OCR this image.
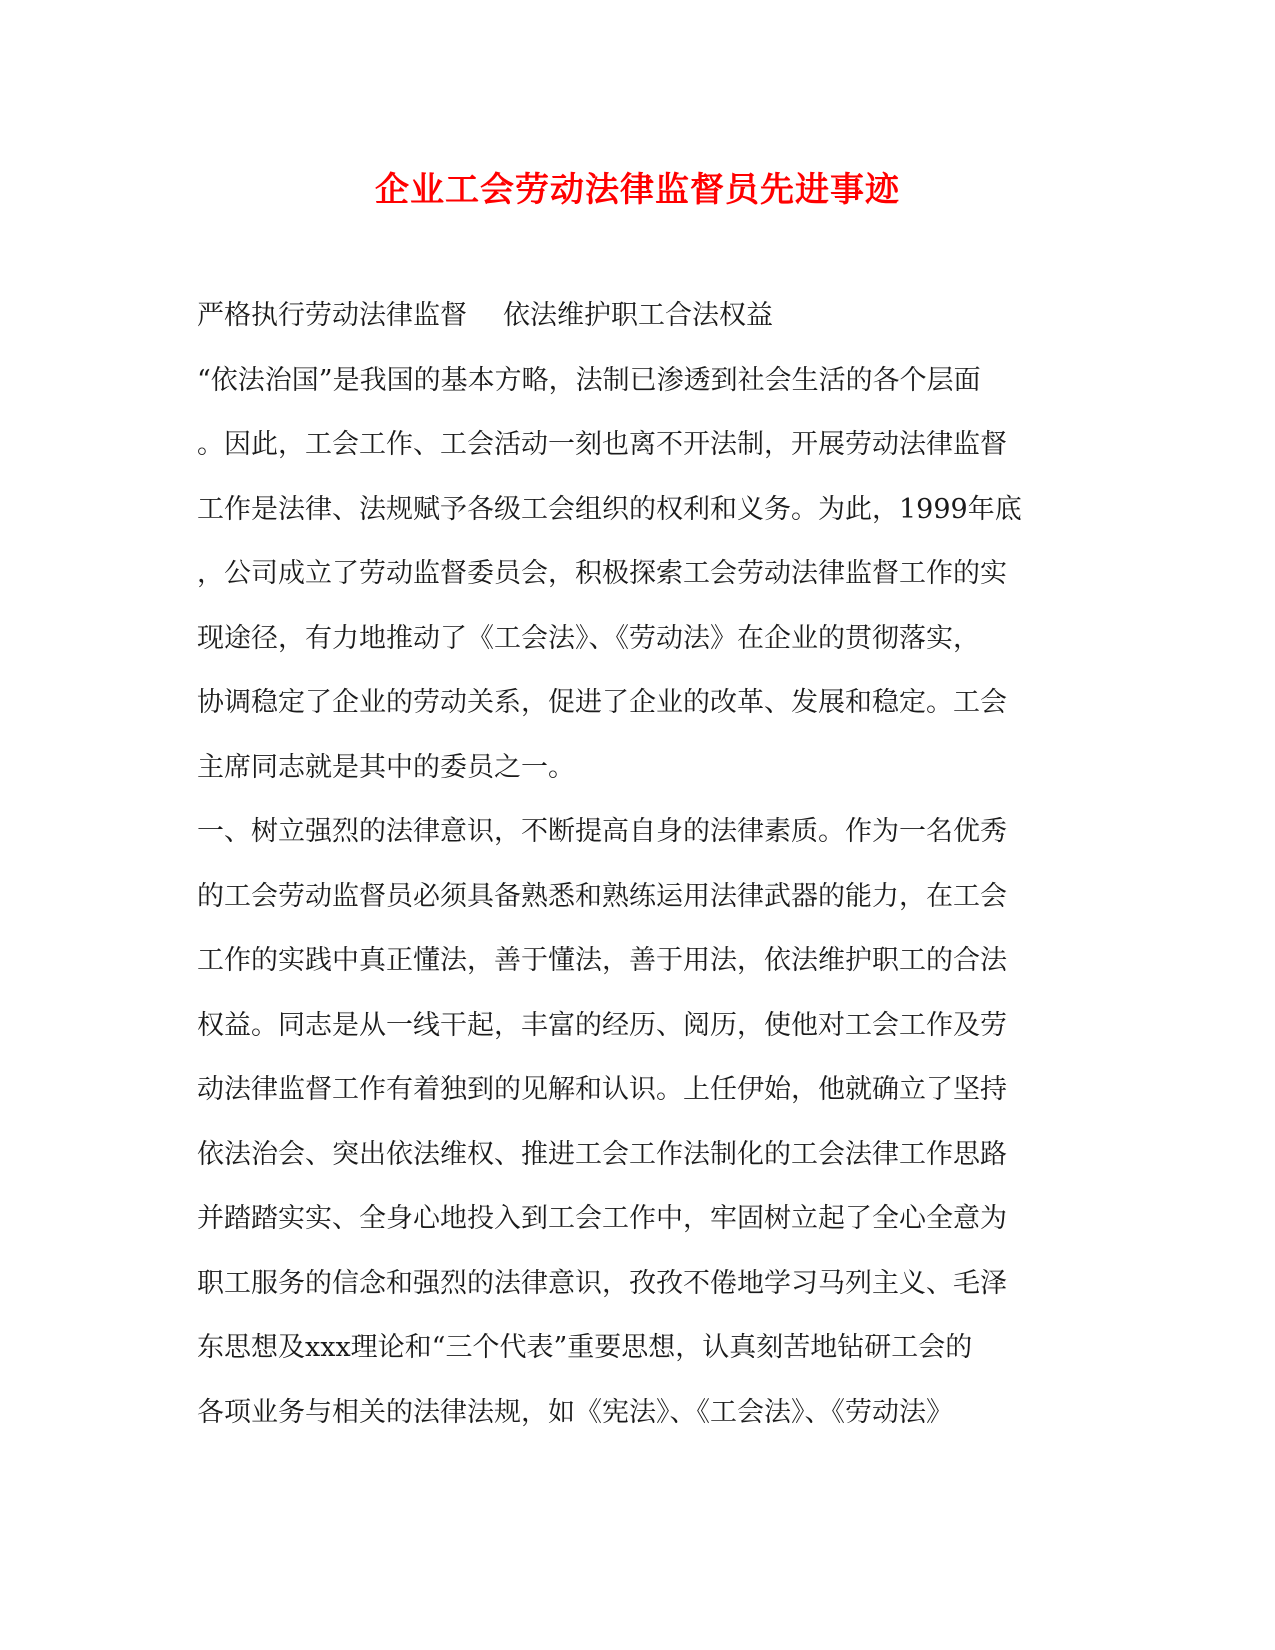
企业工会劳动法律监督员先进事迹
严格执行劳动法律监督 依法维护职工合法权益
“依法治国”是我国的基本方略，法制已渗透到社会生活的各个层面
。因此，工会工作、工会活动一刻也离不开法制，开展劳动法律监督
工作是法律、法规赋予各级工会组织的权利和义务。为此，1999年底
，公司成立了劳动监督委员会，积极探索工会劳动法律监督工作的实
现途径，有力地推动了《工会法》、《劳动法》在企业的贯彻落实，
协调稳定了企业的劳动关系，促进了企业的改革、发展和稳定。工会
主席同志就是其中的委员之一。
一、树立强烈的法律意识，不断提高自身的法律素质。作为一名优秀
的工会劳动监督员必须具备熟悉和熟练运用法律武器的能力，在工会
工作的实践中真正懂法，善于懂法，善于用法，依法维护职工的合法
权益。同志是从一线干起，丰富的经历、阅历，使他对工会工作及劳
动法律监督工作有着独到的见解和认识。上任伊始，他就确立了坚持
依法治会、突出依法维权、推进工会工作法制化的工会法律工作思路
并踏踏实实、全身心地投入到工会工作中，牢固树立起了全心全意为
职工服务的信念和强烈的法律意识，孜孜不倦地学习马列主义、毛泽
东思想及xxx理论和“三个代表”重要思想，认真刻苦地钻研工会的
各项业务与相关的法律法规，如《宪法》、《工会法》、《劳动法》
